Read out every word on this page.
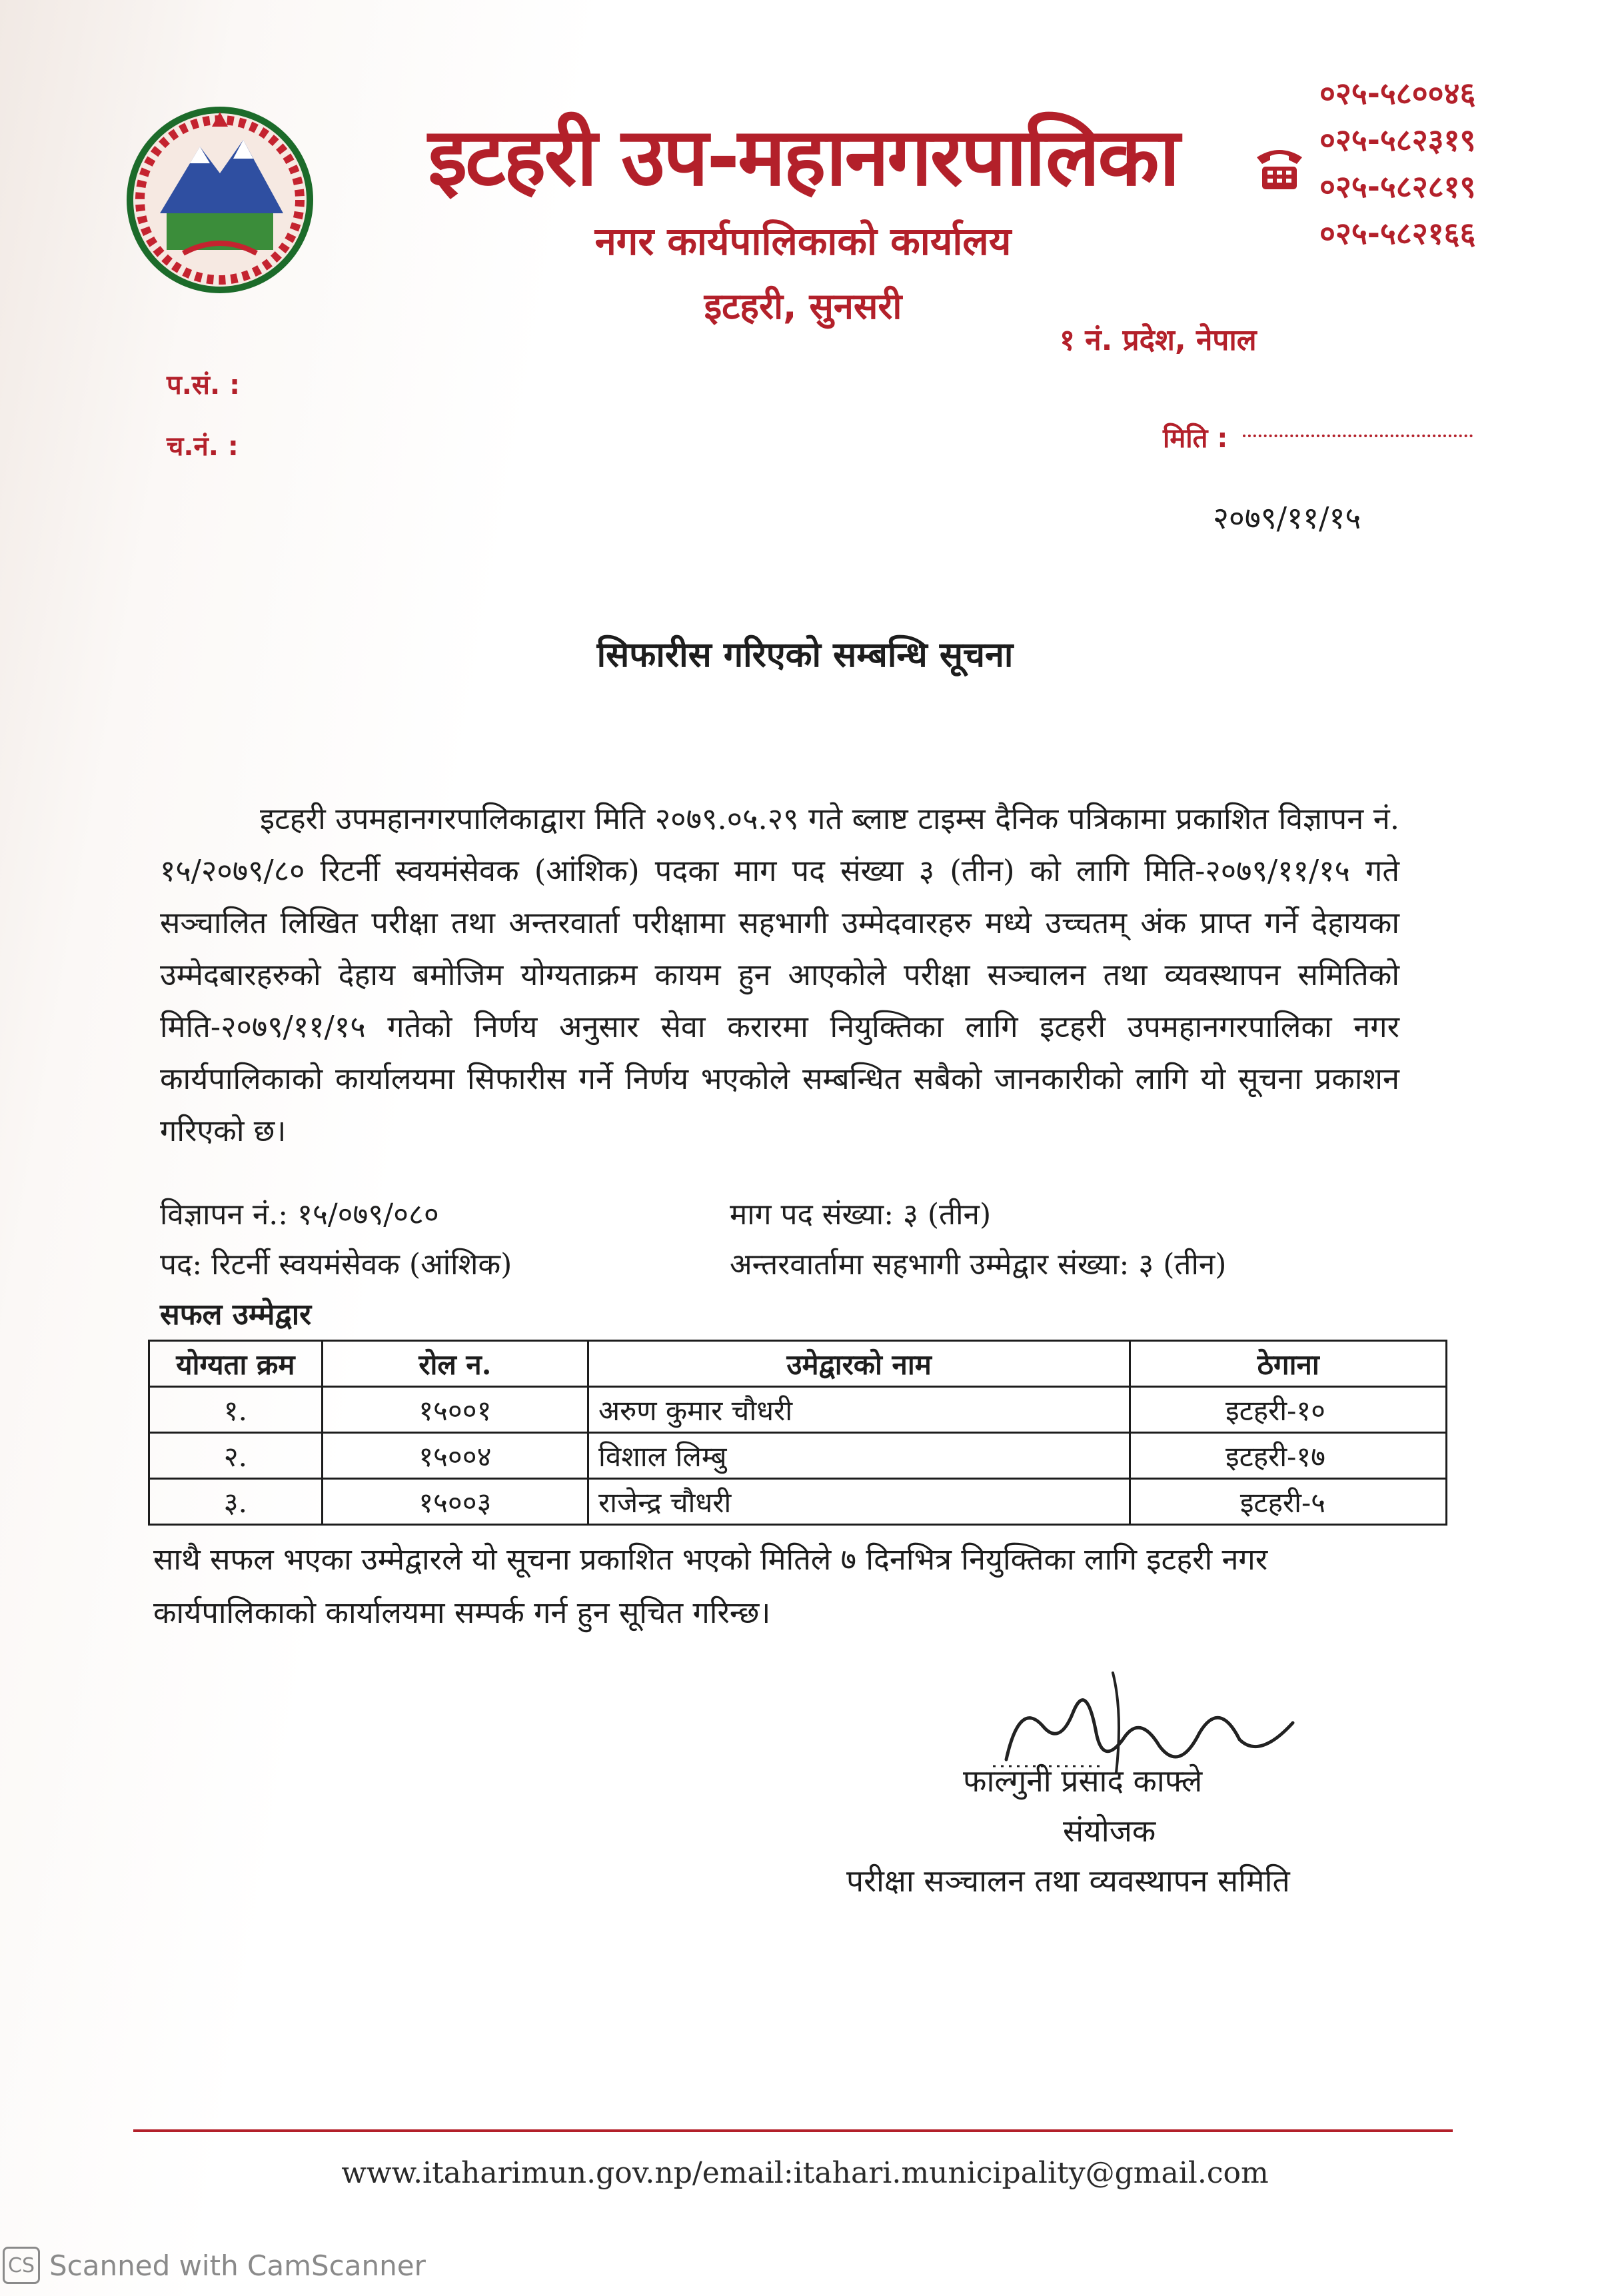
इटहरी उप-महानगरपालिका
नगर कार्यपालिकाको कार्यालय
इटहरी, सुनसरी
०२५-५८००४६
०२५-५८२३१९
०२५-५८२८१९
०२५-५८२१६६
१ नं. प्रदेश, नेपाल
प.सं. :
च.नं. :	मिति :
२०७९/११/१५
सिफारीस गरिएको सम्बन्धि सूचना
इटहरी उपमहानगरपालिकाद्वारा मिति २०७९.०५.२९ गते ब्लाष्ट टाइम्स दैनिक पत्रिकामा प्रकाशित विज्ञापन नं. १५/२०७९/८० रिटर्नी स्वयमंसेवक (आंशिक) पदका माग पद संख्या ३ (तीन) को लागि मिति-२०७९/११/१५ गते सञ्चालित लिखित परीक्षा तथा अन्तरवार्ता परीक्षामा सहभागी उम्मेदवारहरु मध्ये उच्चतम् अंक प्राप्त गर्ने देहायका उम्मेदबारहरुको देहाय बमोजिम योग्यताक्रम कायम हुन आएकोले परीक्षा सञ्चालन तथा व्यवस्थापन समितिको मिति-२०७९/११/१५ गतेको निर्णय अनुसार सेवा करारमा नियुक्तिका लागि इटहरी उपमहानगरपालिका नगर कार्यपालिकाको कार्यालयमा सिफारीस गर्ने निर्णय भएकोले सम्बन्धित सबैको जानकारीको लागि यो सूचना प्रकाशन गरिएको छ।
विज्ञापन नं.: १५/०७९/०८०	माग पद संख्या: ३ (तीन)
पद: रिटर्नी स्वयमंसेवक (आंशिक)	अन्तरवार्तामा सहभागी उम्मेद्वार संख्या: ३ (तीन)
सफल उम्मेद्वार
योग्यता क्रम	रोल न.	उमेद्वारको नाम	ठेगाना
१.	१५००१	अरुण कुमार चौधरी	इटहरी-१०
२.	१५००४	विशाल लिम्बु	इटहरी-१७
३.	१५००३	राजेन्द्र चौधरी	इटहरी-५
साथै सफल भएका उम्मेद्वारले यो सूचना प्रकाशित भएको मितिले ७ दिनभित्र नियुक्तिका लागि इटहरी नगर कार्यपालिकाको कार्यालयमा सम्पर्क गर्न हुन सूचित गरिन्छ।
फाल्गुनी प्रसाद काफ्ले
संयोजक
परीक्षा सञ्चालन तथा व्यवस्थापन समिति
www.itaharimun.gov.np/email:itahari.municipality@gmail.com
CS Scanned with CamScanner
